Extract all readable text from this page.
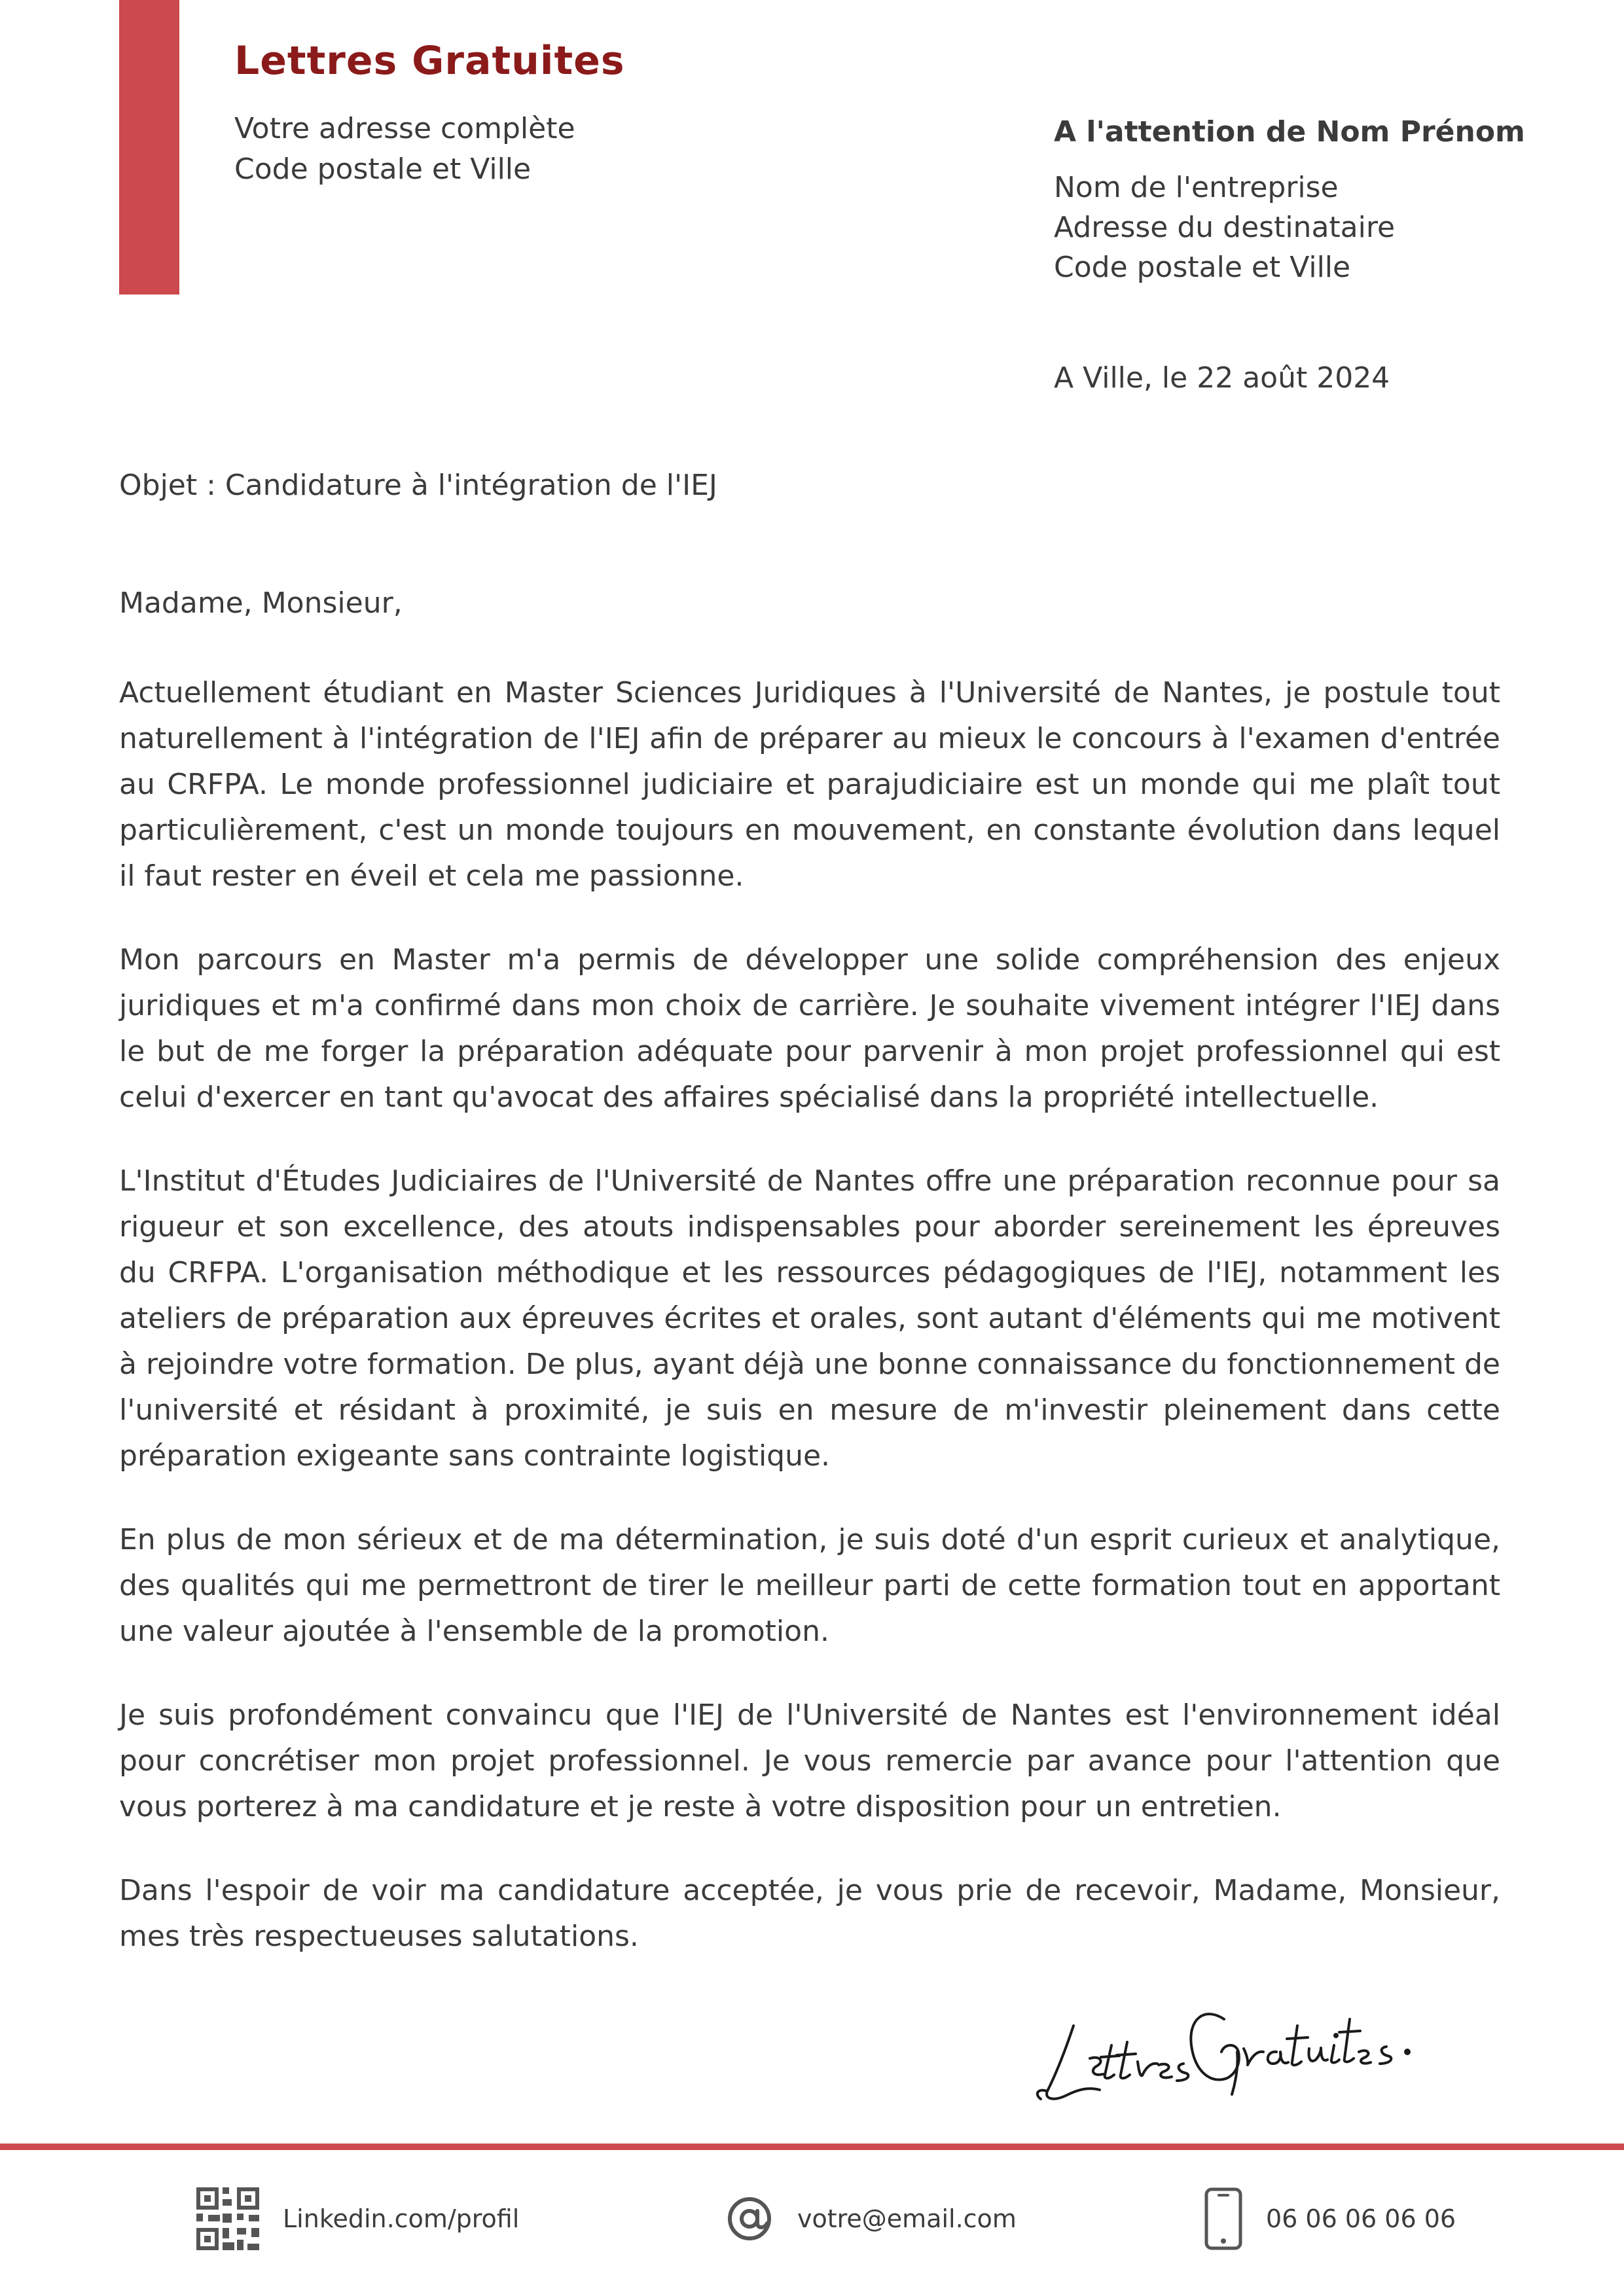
Lettres Gratuites
Votre adresse complète
Code postale et Ville
A l'attention de Nom Prénom
Nom de l'entreprise
Adresse du destinataire
Code postale et Ville
A Ville, le 22 août 2024
Objet : Candidature à l'intégration de l'IEJ
Madame, Monsieur,

Actuellement étudiant en Master Sciences Juridiques à l'Université de Nantes, je postule tout naturellement à l'intégration de l'IEJ afin de préparer au mieux le concours à l'examen d'entrée au CRFPA. Le monde professionnel judiciaire et parajudiciaire est un monde qui me plaît tout particulièrement, c'est un monde toujours en mouvement, en constante évolution dans lequel il faut rester en éveil et cela me passionne.

Mon parcours en Master m'a permis de développer une solide compréhension des enjeux juridiques et m'a confirmé dans mon choix de carrière. Je souhaite vivement intégrer l'IEJ dans le but de me forger la préparation adéquate pour parvenir à mon projet professionnel qui est celui d'exercer en tant qu'avocat des affaires spécialisé dans la propriété intellectuelle.

L'Institut d'Études Judiciaires de l'Université de Nantes offre une préparation reconnue pour sa rigueur et son excellence, des atouts indispensables pour aborder sereinement les épreuves du CRFPA. L'organisation méthodique et les ressources pédagogiques de l'IEJ, notamment les ateliers de préparation aux épreuves écrites et orales, sont autant d'éléments qui me motivent à rejoindre votre formation. De plus, ayant déjà une bonne connaissance du fonctionnement de l'université et résidant à proximité, je suis en mesure de m'investir pleinement dans cette préparation exigeante sans contrainte logistique.

En plus de mon sérieux et de ma détermination, je suis doté d'un esprit curieux et analytique, des qualités qui me permettront de tirer le meilleur parti de cette formation tout en apportant une valeur ajoutée à l'ensemble de la promotion.

Je suis profondément convaincu que l'IEJ de l'Université de Nantes est l'environnement idéal pour concrétiser mon projet professionnel. Je vous remercie par avance pour l'attention que vous porterez à ma candidature et je reste à votre disposition pour un entretien.

Dans l'espoir de voir ma candidature acceptée, je vous prie de recevoir, Madame, Monsieur, mes très respectueuses salutations.

Linkedin.com/profil	votre@email.com	06 06 06 06 06
